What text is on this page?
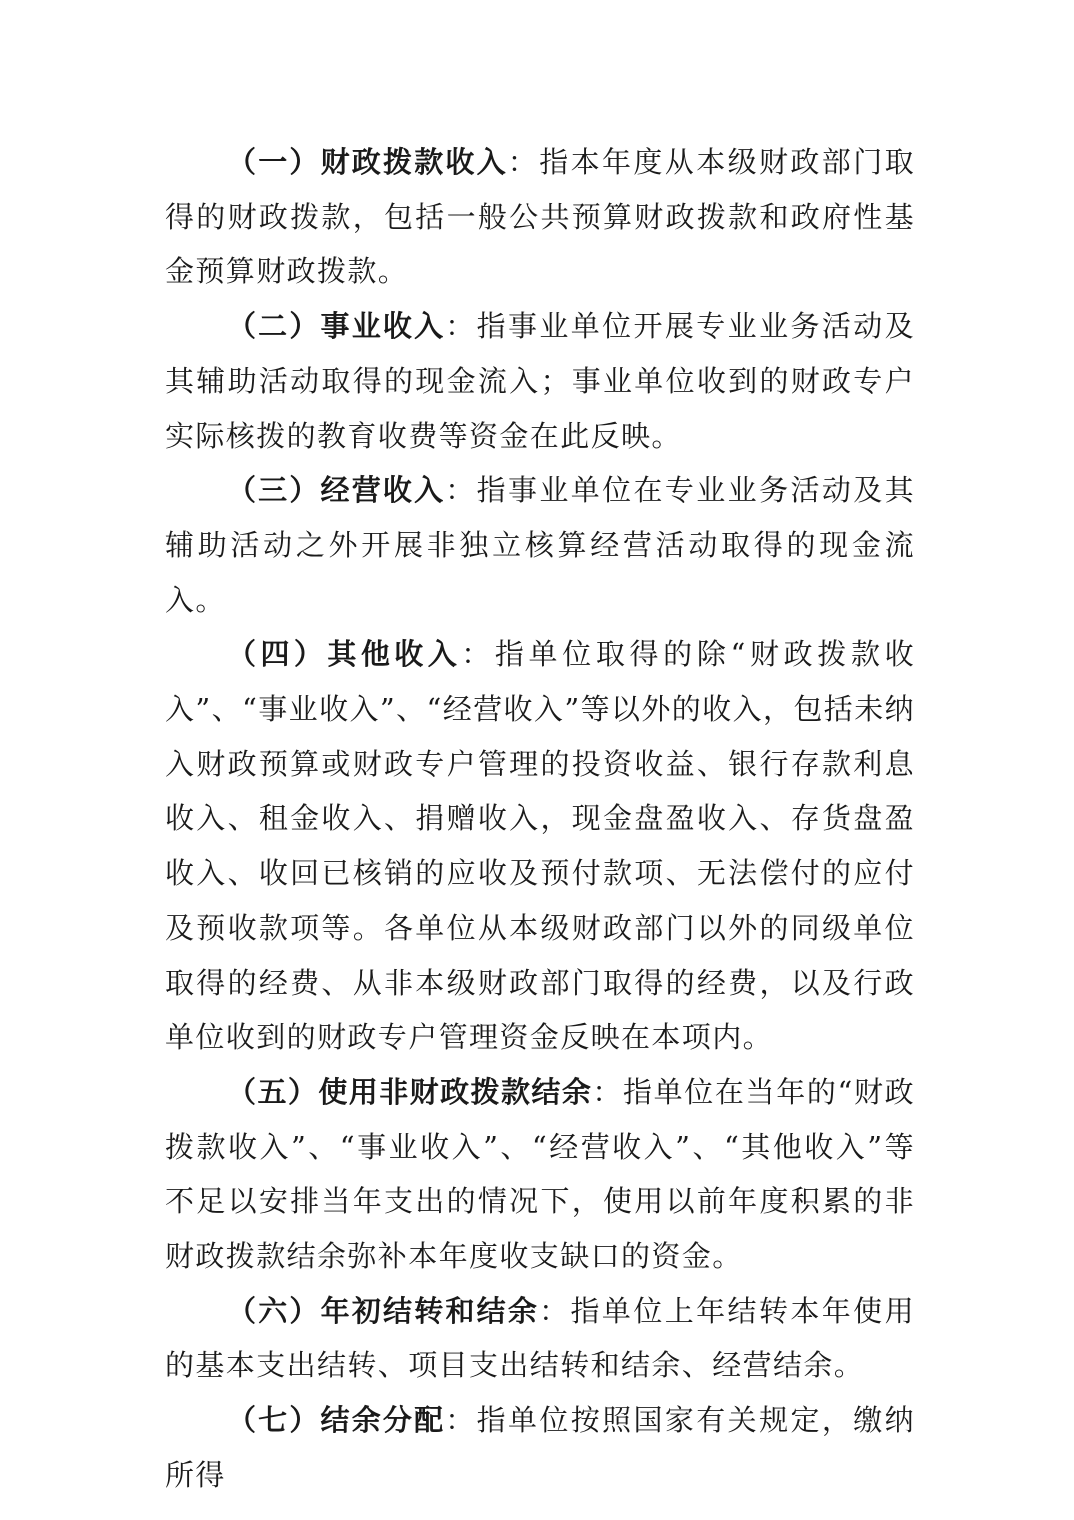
（一）财政拨款收入：指本年度从本级财政部门取得的财政拨款，包括一般公共预算财政拨款和政府性基金预算财政拨款。

（二）事业收入：指事业单位开展专业业务活动及其辅助活动取得的现金流入；事业单位收到的财政专户实际核拨的教育收费等资金在此反映。

（三）经营收入：指事业单位在专业业务活动及其辅助活动之外开展非独立核算经营活动取得的现金流入。

（四）其他收入：指单位取得的除“财政拨款收入”、“事业收入”、“经营收入”等以外的收入，包括未纳入财政预算或财政专户管理的投资收益、银行存款利息收入、租金收入、捐赠收入，现金盘盈收入、存货盘盈收入、收回已核销的应收及预付款项、无法偿付的应付及预收款项等。各单位从本级财政部门以外的同级单位取得的经费、从非本级财政部门取得的经费，以及行政单位收到的财政专户管理资金反映在本项内。

（五）使用非财政拨款结余：指单位在当年的“财政拨款收入”、“事业收入”、“经营收入”、“其他收入”等不足以安排当年支出的情况下，使用以前年度积累的非财政拨款结余弥补本年度收支缺口的资金。

（六）年初结转和结余：指单位上年结转本年使用的基本支出结转、项目支出结转和结余、经营结余。

（七）结余分配：指单位按照国家有关规定，缴纳所得
